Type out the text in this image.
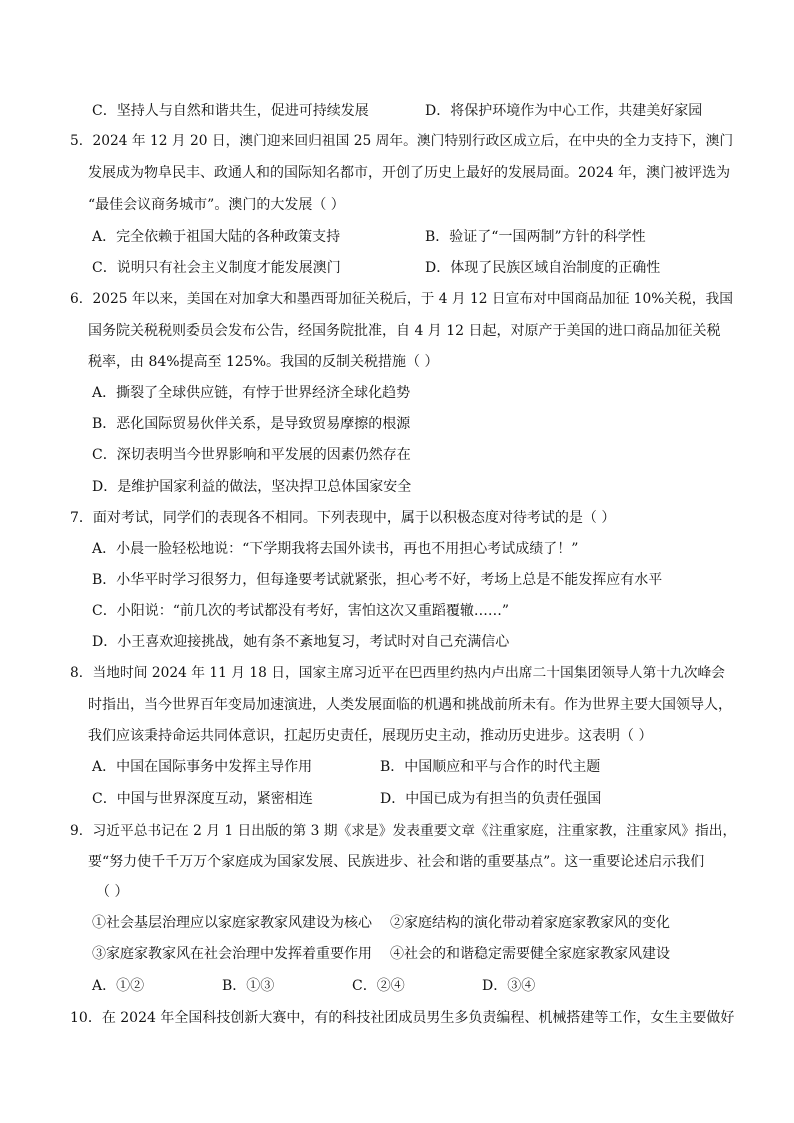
C．坚持人与自然和谐共生，促进可持续发展	D．将保护环境作为中心工作，共建美好家园
5．2024 年 12 月 20 日，澳门迎来回归祖国 25 周年。澳门特别行政区成立后，在中央的全力支持下，澳门
发展成为物阜民丰、政通人和的国际知名都市，开创了历史上最好的发展局面。2024 年，澳门被评选为
“最佳会议商务城市”。澳门的大发展（ ）
A．完全依赖于祖国大陆的各种政策支持	B．验证了“一国两制”方针的科学性
C．说明只有社会主义制度才能发展澳门	D．体现了民族区域自治制度的正确性
6．2025 年以来，美国在对加拿大和墨西哥加征关税后，于 4 月 12 日宣布对中国商品加征 10%关税，我国
国务院关税税则委员会发布公告，经国务院批准，自 4 月 12 日起，对原产于美国的进口商品加征关税
税率，由 84%提高至 125%。我国的反制关税措施（ ）
A．撕裂了全球供应链，有悖于世界经济全球化趋势
B．恶化国际贸易伙伴关系，是导致贸易摩擦的根源
C．深切表明当今世界影响和平发展的因素仍然存在
D．是维护国家利益的做法，坚决捍卫总体国家安全
7．面对考试，同学们的表现各不相同。下列表现中，属于以积极态度对待考试的是（ ）
A．小晨一脸轻松地说：“下学期我将去国外读书，再也不用担心考试成绩了！”
B．小华平时学习很努力，但每逢要考试就紧张，担心考不好，考场上总是不能发挥应有水平
C．小阳说：“前几次的考试都没有考好，害怕这次又重蹈覆辙……”
D．小王喜欢迎接挑战，她有条不紊地复习，考试时对自己充满信心
8．当地时间 2024 年 11 月 18 日，国家主席习近平在巴西里约热内卢出席二十国集团领导人第十九次峰会
时指出，当今世界百年变局加速演进，人类发展面临的机遇和挑战前所未有。作为世界主要大国领导人，
我们应该秉持命运共同体意识，扛起历史责任，展现历史主动，推动历史进步。这表明（ ）
A．中国在国际事务中发挥主导作用	B．中国顺应和平与合作的时代主题
C．中国与世界深度互动，紧密相连	D．中国已成为有担当的负责任强国
9．习近平总书记在 2 月 1 日出版的第 3 期《求是》发表重要文章《注重家庭，注重家教，注重家风》指出，
要“努力使千千万万个家庭成为国家发展、民族进步、社会和谐的重要基点”。这一重要论述启示我们
（ ）
①社会基层治理应以家庭家教家风建设为核心 ②家庭结构的演化带动着家庭家教家风的变化
③家庭家教家风在社会治理中发挥着重要作用 ④社会的和谐稳定需要健全家庭家教家风建设
A．①②	B．①③	C．②④	D．③④
10．在 2024 年全国科技创新大赛中，有的科技社团成员男生多负责编程、机械搭建等工作，女生主要做好
